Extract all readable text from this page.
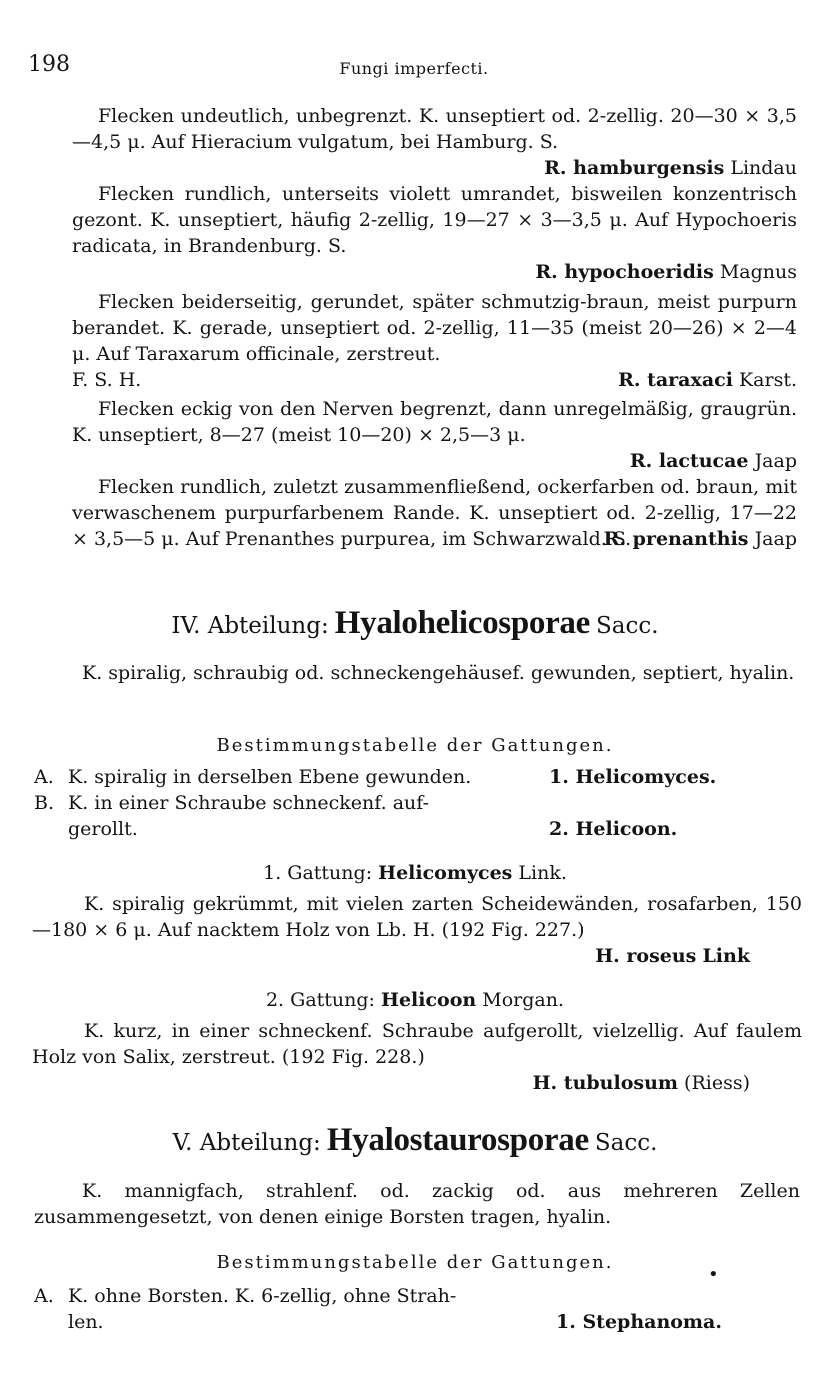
198	Fungi imperfecti.

Flecken undeutlich, unbegrenzt. K. unseptiert od. 2-zellig. 20—30 × 3,5—4,5 μ. Auf Hieracium vulgatum, bei Hamburg. S.

R. hamburgensis Lindau

Flecken rundlich, unterseits violett umrandet, bisweilen konzentrisch gezont. K. unseptiert, häufig 2-zellig, 19—27 × 3—3,5 μ. Auf Hypochoeris radicata, in Brandenburg. S.

R. hypochoeridis Magnus

Flecken beiderseitig, gerundet, später schmutzig-braun, meist purpurn berandet. K. gerade, unseptiert od. 2-zellig, 11—35 (meist 20—26) × 2—4 μ. Auf Taraxarum officinale, zerstreut.

F. S. H.	R. taraxaci Karst.

Flecken eckig von den Nerven begrenzt, dann unregelmäßig, graugrün. K. unseptiert, 8—27 (meist 10—20) × 2,5—3 μ.

R. lactucae Jaap

Flecken rundlich, zuletzt zusammenfließend, ockerfarben od. braun, mit verwaschenem purpurfarbenem Rande. K. unseptiert od. 2-zellig, 17—22 × 3,5—5 μ. Auf Prenanthes purpurea, im Schwarzwald. S.

R. prenanthis Jaap
IV. Abteilung: Hyalohelicosporae Sacc.

K. spiralig, schraubig od. schneckengehäusef. gewunden, septiert, hyalin.

Bestimmungstabelle der Gattungen.
A. K. spiralig in derselben Ebene gewunden.	1. Helicomyces.
B. K. in einer Schraube schneckenf. auf-
gerollt.	2. Helicoon.
1. Gattung: Helicomyces Link.

K. spiralig gekrümmt, mit vielen zarten Scheidewänden, rosafarben, 150—180 × 6 μ. Auf nacktem Holz von Lb. H. (192 Fig. 227.)

H. roseus Link
2. Gattung: Helicoon Morgan.

K. kurz, in einer schneckenf. Schraube aufgerollt, vielzellig. Auf faulem Holz von Salix, zerstreut. (192 Fig. 228.)

H. tubulosum (Riess)
V. Abteilung: Hyalostaurosporae Sacc.

K. mannigfach, strahlenf. od. zackig od. aus mehreren Zellen zusammengesetzt, von denen einige Borsten tragen, hyalin.

Bestimmungstabelle der Gattungen.
•
A. K. ohne Borsten. K. 6-zellig, ohne Strah-
len.	1. Stephanoma.
